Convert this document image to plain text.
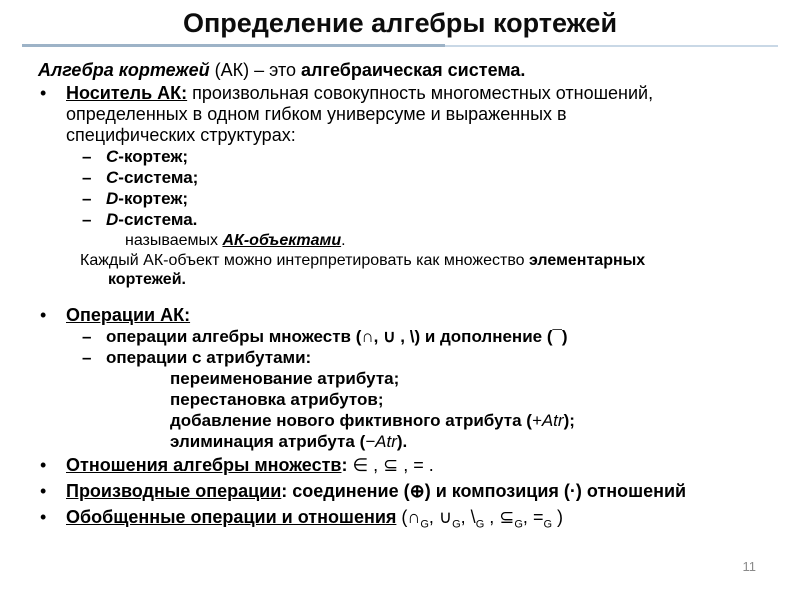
Определение алгебры кортежей

Алгебра кортежей (АК) – это алгебраическая система.

• Носитель АК: произвольная совокупность многоместных отношений,
определенных в одном гибком универсуме и выраженных в
специфических структурах:

– C-кортеж;

– C-система;

– D-кортеж;

– D-система.

называемых АК-объектами.

Каждый АК-объект можно интерпретировать как множество элементарных
кортежей.

• Операции АК:

– операции алгебры множеств (∩, ∪ , \) и дополнение (¯)

– операции с атрибутами:

переименование атрибута;

перестановка атрибутов;

добавление нового фиктивного атрибута (+Atr);

элиминация атрибута (−Atr).

• Отношения алгебры множеств: ∈ , ⊆ , = .
• Производные операции: соединение (⊕) и композиция (·) отношений
• Обобщенные операции и отношения ($\cap_G$, $\cup_G$, $\backslash_G$ , $⊆_G$, $=_G$ )
11
